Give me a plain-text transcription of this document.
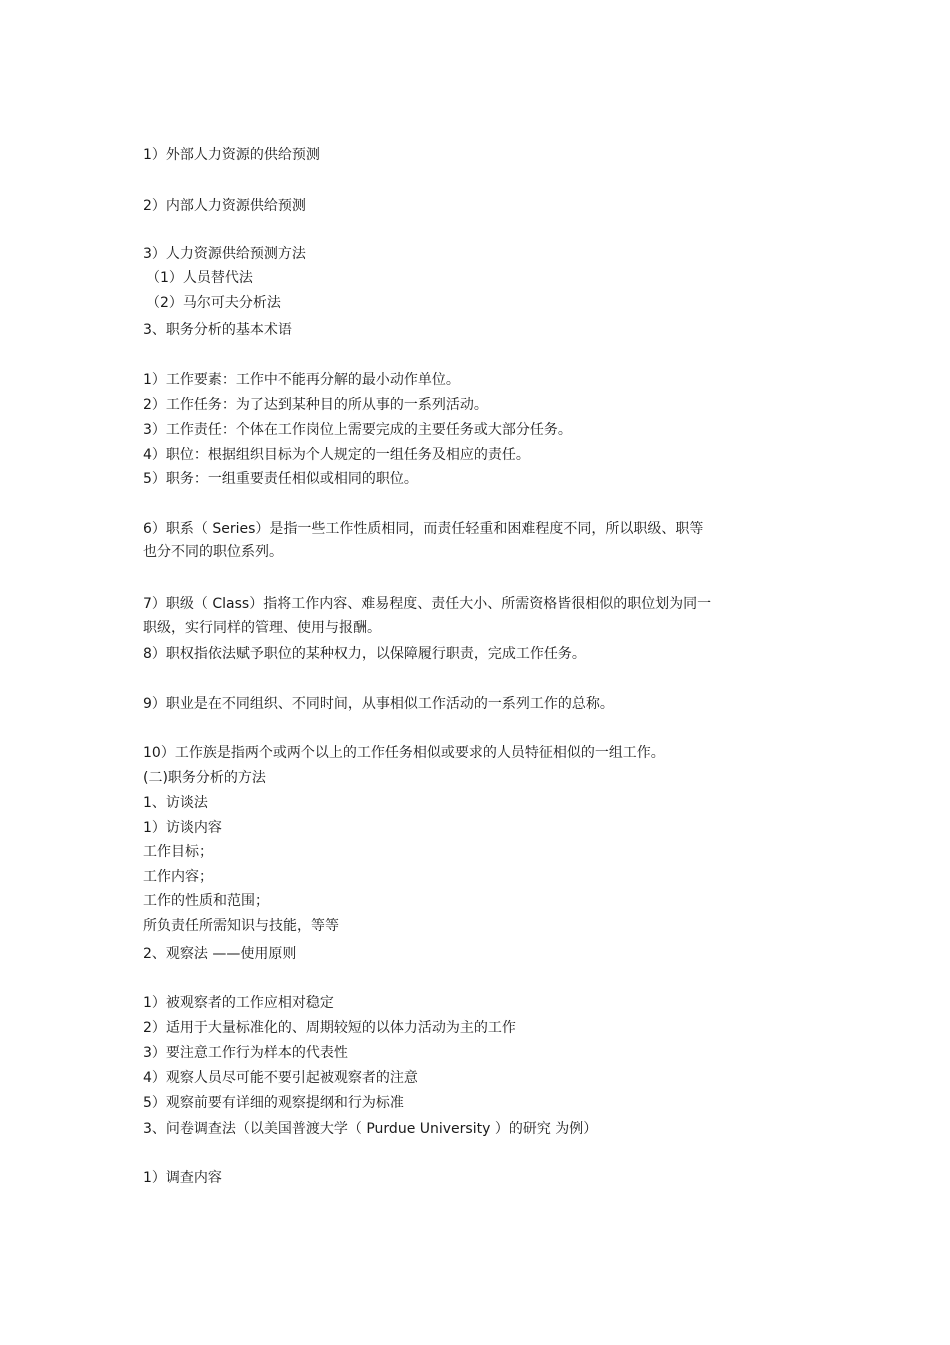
1）外部人力资源的供给预测
2）内部人力资源供给预测
3）人力资源供给预测方法
（1）人员替代法
（2）马尔可夫分析法
3、职务分析的基本术语
1）工作要素：工作中不能再分解的最小动作单位。
2）工作任务：为了达到某种目的所从事的一系列活动。
3）工作责任：个体在工作岗位上需要完成的主要任务或大部分任务。
4）职位：根据组织目标为个人规定的一组任务及相应的责任。
5）职务：一组重要责任相似或相同的职位。
6）职系（ Series）是指一些工作性质相同，而责任轻重和困难程度不同，所以职级、职等
也分不同的职位系列。
7）职级（ Class）指将工作内容、难易程度、责任大小、所需资格皆很相似的职位划为同一
职级，实行同样的管理、使用与报酬。
8）职权指依法赋予职位的某种权力，以保障履行职责，完成工作任务。
9）职业是在不同组织、不同时间，从事相似工作活动的一系列工作的总称。
10）工作族是指两个或两个以上的工作任务相似或要求的人员特征相似的一组工作。
(二)职务分析的方法
1、访谈法
1）访谈内容
工作目标；
工作内容；
工作的性质和范围；
所负责任所需知识与技能，等等
2、观察法 ——使用原则
1）被观察者的工作应相对稳定
2）适用于大量标准化的、周期较短的以体力活动为主的工作
3）要注意工作行为样本的代表性
4）观察人员尽可能不要引起被观察者的注意
5）观察前要有详细的观察提纲和行为标准
3、问卷调查法（以美国普渡大学（ Purdue University ）的研究 为例）
1）调查内容
